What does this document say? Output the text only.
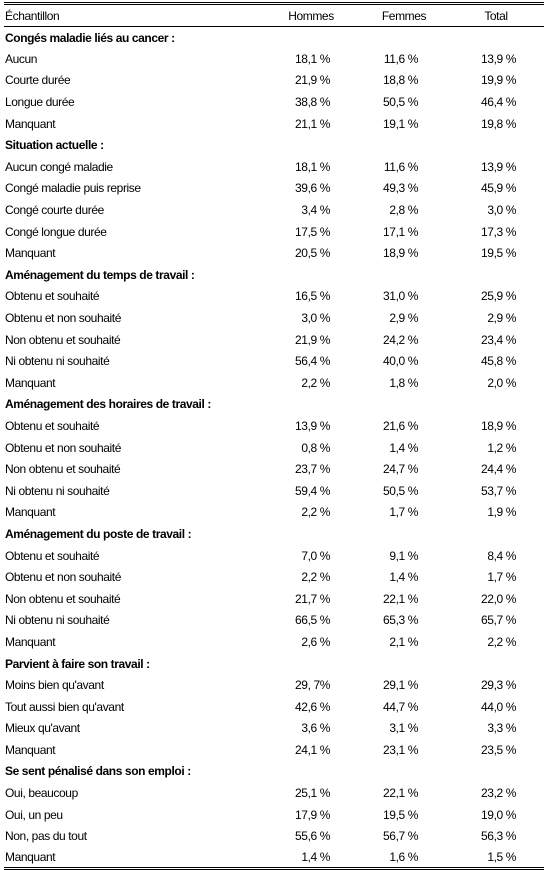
Échantillon	Hommes	Femmes	Total
Congés maladie liés au cancer :			
Aucun	18,1 %	11,6 %	13,9 %
Courte durée	21,9 %	18,8 %	19,9 %
Longue durée	38,8 %	50,5 %	46,4 %
Manquant	21,1 %	19,1 %	19,8 %
Situation actuelle :			
Aucun congé maladie	18,1 %	11,6 %	13,9 %
Congé maladie puis reprise	39,6 %	49,3 %	45,9 %
Congé courte durée	3,4 %	2,8 %	3,0 %
Congé longue durée	17,5 %	17,1 %	17,3 %
Manquant	20,5 %	18,9 %	19,5 %
Aménagement du temps de travail :			
Obtenu et souhaité	16,5 %	31,0 %	25,9 %
Obtenu et non souhaité	3,0 %	2,9 %	2,9 %
Non obtenu et souhaité	21,9 %	24,2 %	23,4 %
Ni obtenu ni souhaité	56,4 %	40,0 %	45,8 %
Manquant	2,2 %	1,8 %	2,0 %
Aménagement des horaires de travail :			
Obtenu et souhaité	13,9 %	21,6 %	18,9 %
Obtenu et non souhaité	0,8 %	1,4 %	1,2 %
Non obtenu et souhaité	23,7 %	24,7 %	24,4 %
Ni obtenu ni souhaité	59,4 %	50,5 %	53,7 %
Manquant	2,2 %	1,7 %	1,9 %
Aménagement du poste de travail :			
Obtenu et souhaité	7,0 %	9,1 %	8,4 %
Obtenu et non souhaité	2,2 %	1,4 %	1,7 %
Non obtenu et souhaité	21,7 %	22,1 %	22,0 %
Ni obtenu ni souhaité	66,5 %	65,3 %	65,7 %
Manquant	2,6 %	2,1 %	2,2 %
Parvient à faire son travail :			
Moins bien qu'avant	29, 7%	29,1 %	29,3 %
Tout aussi bien qu'avant	42,6 %	44,7 %	44,0 %
Mieux qu'avant	3,6 %	3,1 %	3,3 %
Manquant	24,1 %	23,1 %	23,5 %
Se sent pénalisé dans son emploi :			
Oui, beaucoup	25,1 %	22,1 %	23,2 %
Oui, un peu	17,9 %	19,5 %	19,0 %
Non, pas du tout	55,6 %	56,7 %	56,3 %
Manquant	1,4 %	1,6 %	1,5 %
